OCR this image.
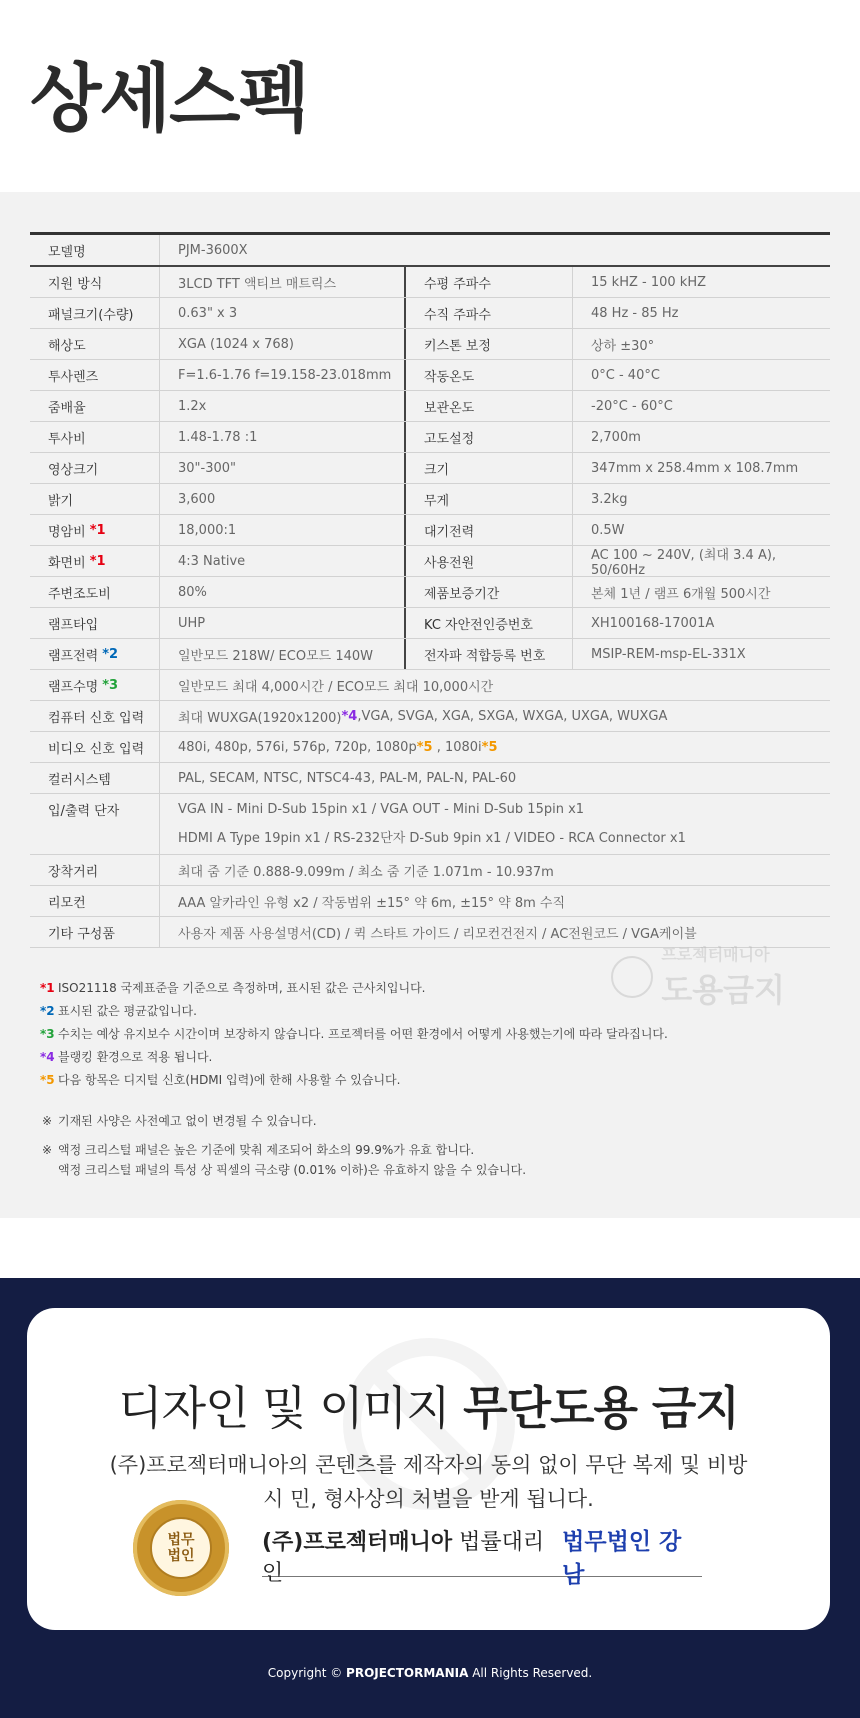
상세스펙
모델명	PJM-3600X
지원 방식	3LCD TFT 액티브 매트릭스	수평 주파수	15 kHZ - 100 kHZ
패널크기(수량)	0.63" x 3	수직 주파수	48 Hz - 85 Hz
해상도	XGA (1024 x 768)	키스톤 보정	상하 ±30°
투사렌즈	F=1.6-1.76 f=19.158-23.018mm	작동온도	0°C - 40°C
줌배율	1.2x	보관온도	-20°C - 60°C
투사비	1.48-1.78 :1	고도설정	2,700m
영상크기	30"-300"	크기	347mm x 258.4mm x 108.7mm
밝기	3,600	무게	3.2kg
명암비 *1	18,000:1	대기전력	0.5W
화면비 *1	4:3 Native	사용전원	AC 100 ~ 240V, (최대 3.4 A), 50/60Hz
주변조도비	80%	제품보증기간	본체 1년 / 램프 6개월 500시간
램프타입	UHP	KC 자안전인증번호	XH100168-17001A
램프전력 *2	일반모드 218W/ ECO모드 140W	전자파 적합등록 번호	MSIP-REM-msp-EL-331X
램프수명 *3	일반모드 최대 4,000시간 / ECO모드 최대 10,000시간
컴퓨터 신호 입력	최대 WUXGA(1920x1200) *4 ,VGA, SVGA, XGA, SXGA, WXGA, UXGA, WUXGA
비디오 신호 입력	480i, 480p, 576i, 576p, 720p, 1080p *5 , 1080i *5
컬러시스템	PAL, SECAM, NTSC, NTSC4-43, PAL-M, PAL-N, PAL-60
입/출력 단자	VGA IN - Mini D-Sub 15pin x1 / VGA OUT - Mini D-Sub 15pin x1
HDMI A Type 19pin x1 / RS-232단자 D-Sub 9pin x1 / VIDEO - RCA Connector x1
장착거리	최대 줌 기준 0.888-9.099m / 최소 줌 기준 1.071m - 10.937m
리모컨	AAA 알카라인 유형 x2 / 작동범위 ±15° 약 6m, ±15° 약 8m 수직
기타 구성품	사용자 제품 사용설명서(CD) / 퀵 스타트 가이드 / 리모컨건전지 / AC전원코드 / VGA케이블
프로젝터매니아
도용금지
*1 ISO21118 국제표준을 기준으로 측정하며, 표시된 값은 근사치입니다.
*2 표시된 값은 평균값입니다.
*3 수치는 예상 유지보수 시간이며 보장하지 않습니다. 프로젝터를 어떤 환경에서 어떻게 사용했는기에 따라 달라집니다.
*4 블랭킹 환경으로 적용 됩니다.
*5 다음 항목은 디지털 신호(HDMI 입력)에 한해 사용할 수 있습니다.
※ 기재된 사양은 사전예고 없이 변경될 수 있습니다.
※ 액정 크리스털 패널은 높은 기준에 맞춰 제조되어 화소의 99.9%가 유효 합니다.
액정 크리스털 패널의 특성 상 픽셀의 극소량 (0.01% 이하)은 유효하지 않을 수 있습니다.
디자인 및 이미지 무단도용 금지
(주)프로젝터매니아의 콘텐츠를 제작자의 동의 없이 무단 복제 및 비방 시 민, 형사상의 처벌을 받게 됩니다.
법무
법인
(주)프로젝터매니아 법률대리인
법무법인 강남
Copyright © PROJECTORMANIA All Rights Reserved.
